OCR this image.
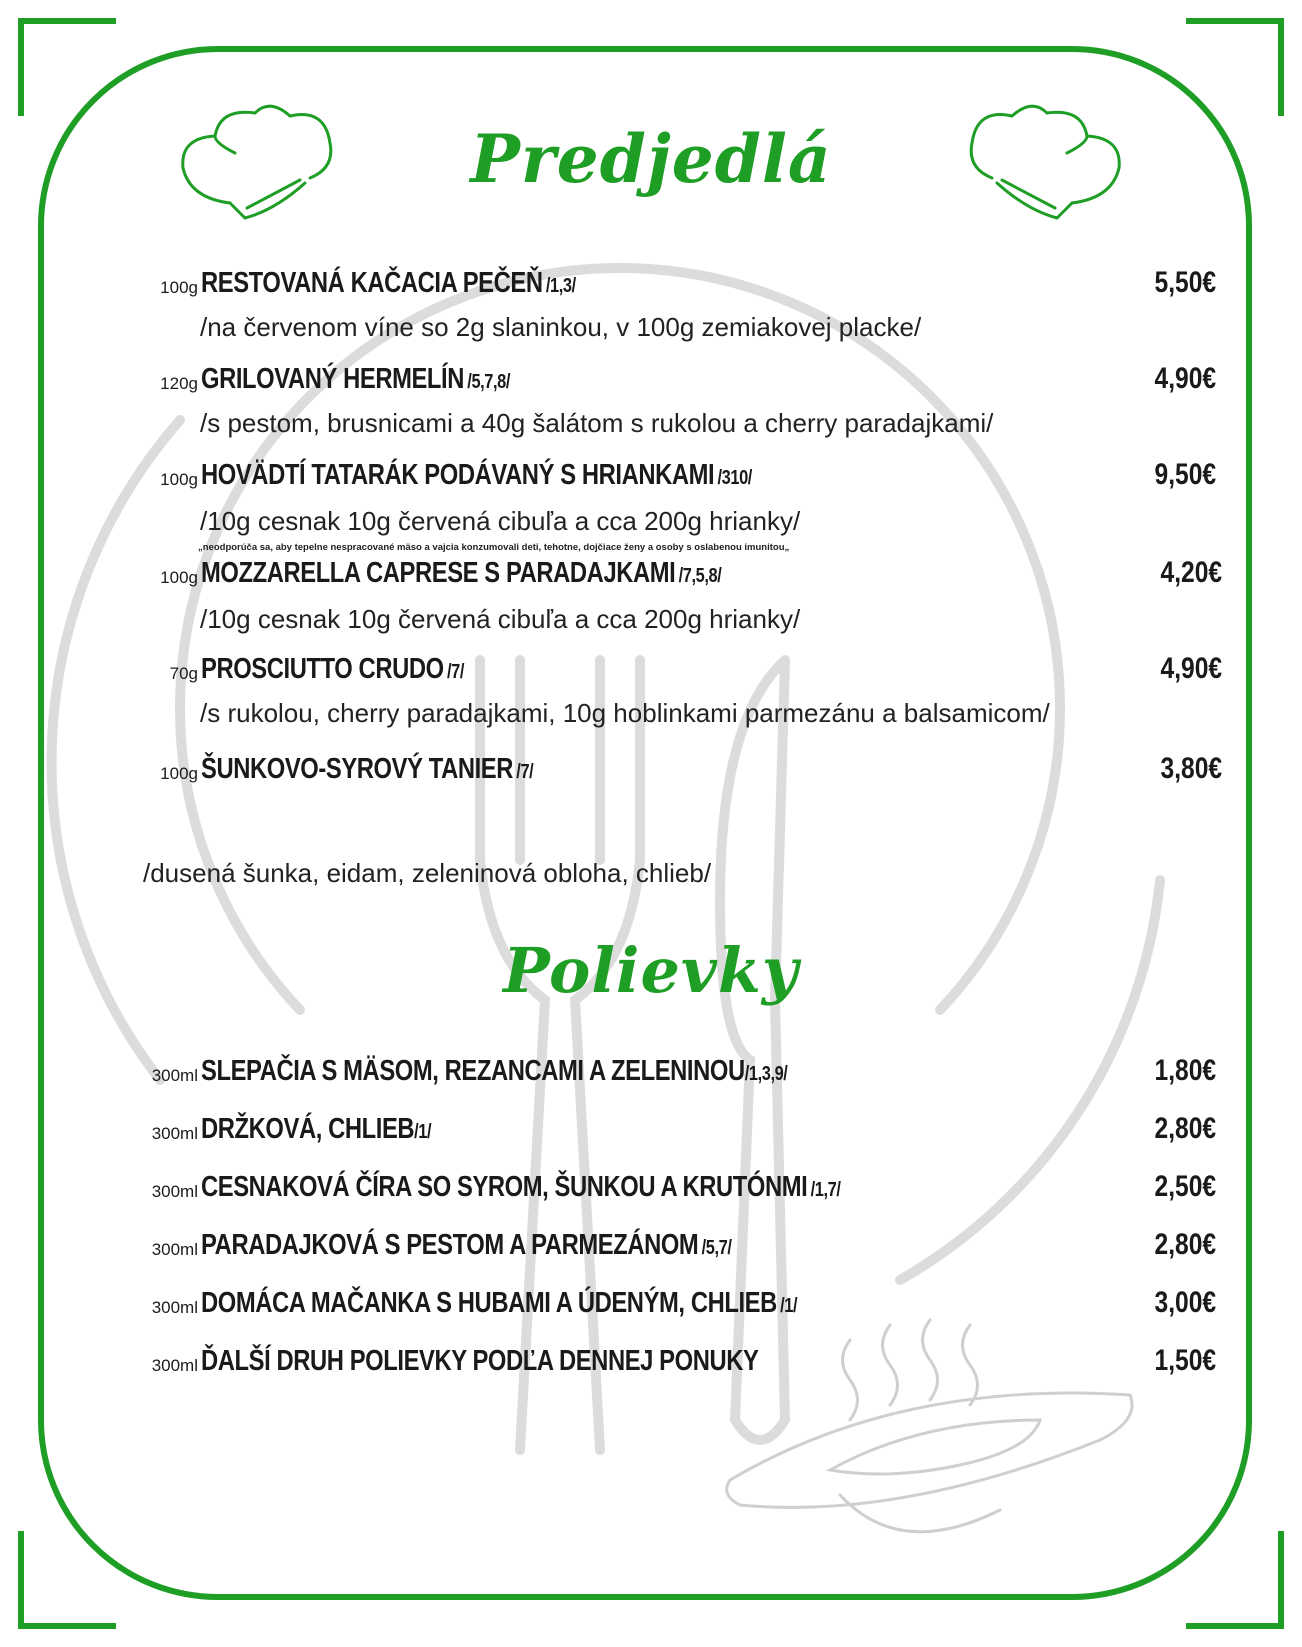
Predjedlá
100g RESTOVANÁ KAČACIA PEČEŇ /1,3/	5,50€
/na červenom víne so 2g slaninkou, v 100g zemiakovej placke/
120g GRILOVANÝ HERMELÍN /5,7,8/	4,90€
/s pestom, brusnicami a 40g šalátom s rukolou a cherry paradajkami/
100g HOVÄDTÍ TATARÁK PODÁVANÝ S HRIANKAMI /310/	9,50€
/10g cesnak 10g červená cibuľa a cca 200g hrianky/
„neodporúča sa, aby tepelne nespracované mäso a vajcia konzumovali deti, tehotne, dojčiace ženy a osoby s oslabenou imunitou„
100g MOZZARELLA CAPRESE S PARADAJKAMI /7,5,8/	4,20€
/10g cesnak 10g červená cibuľa a cca 200g hrianky/
70g PROSCIUTTO CRUDO /7/	4,90€
/s rukolou, cherry paradajkami, 10g hoblinkami parmezánu a balsamicom/
100g ŠUNKOVO-SYROVÝ TANIER /7/	3,80€
/dusená šunka, eidam, zeleninová obloha, chlieb/
Polievky
300ml SLEPAČIA S MÄSOM, REZANCAMI A ZELENINOU/1,3,9/	1,80€
300ml DRŽKOVÁ, CHLIEB/1/	2,80€
300ml CESNAKOVÁ ČÍRA SO SYROM, ŠUNKOU A KRUTÓNMI /1,7/	2,50€
300ml PARADAJKOVÁ S PESTOM A PARMEZÁNOM /5,7/	2,80€
300ml DOMÁCA MAČANKA S HUBAMI A ÚDENÝM, CHLIEB /1/	3,00€
300ml ĎALŠÍ DRUH POLIEVKY PODĽA DENNEJ PONUKY	1,50€
